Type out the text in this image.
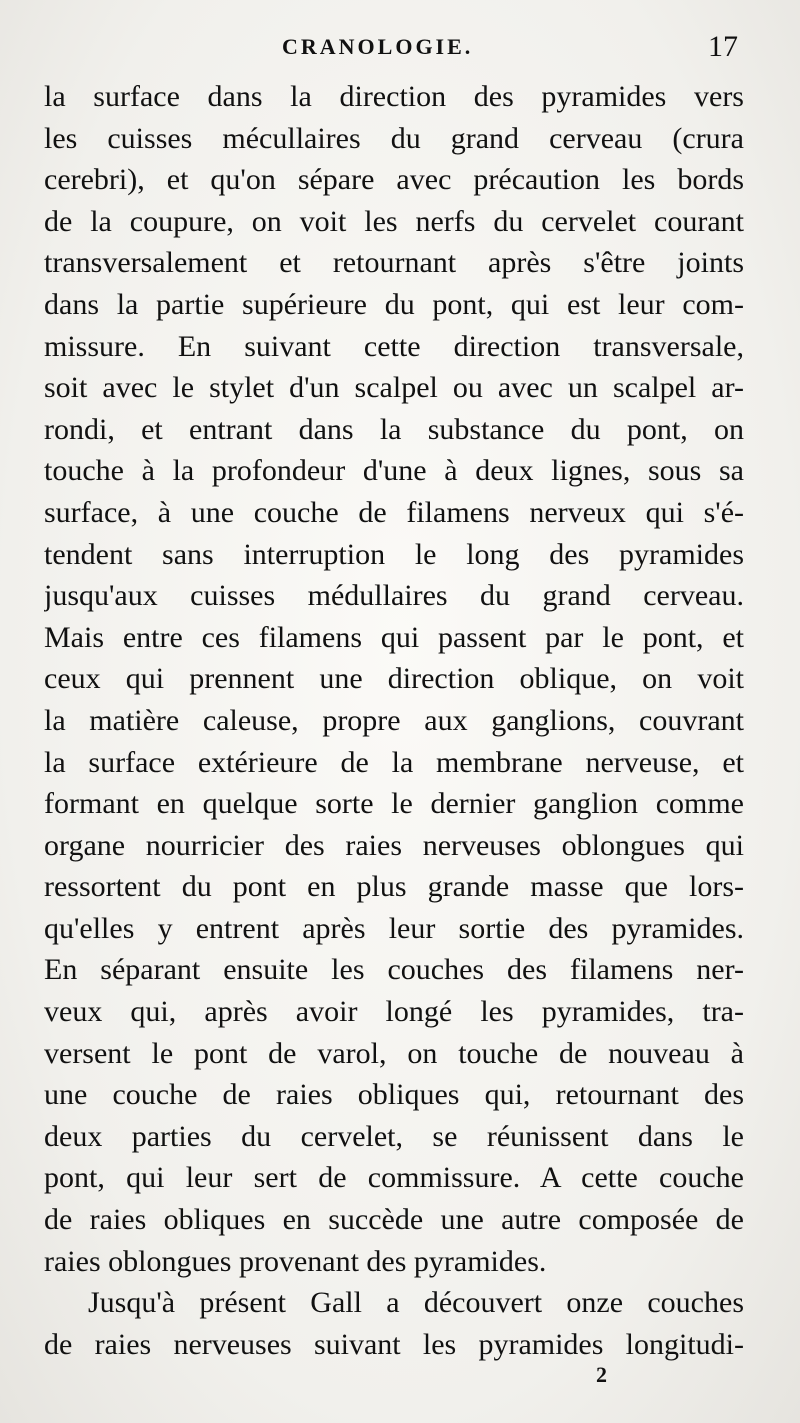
CRANOLOGIE.	17
la surface dans la direction des pyramides vers
les cuisses mécullaires du grand cerveau (crura
cerebri), et qu'on sépare avec précaution les bords
de la coupure, on voit les nerfs du cervelet courant
transversalement et retournant après s'être joints
dans la partie supérieure du pont, qui est leur com-
missure. En suivant cette direction transversale,
soit avec le stylet d'un scalpel ou avec un scalpel ar-
rondi, et entrant dans la substance du pont, on
touche à la profondeur d'une à deux lignes, sous sa
surface, à une couche de filamens nerveux qui s'é-
tendent sans interruption le long des pyramides
jusqu'aux cuisses médullaires du grand cerveau.
Mais entre ces filamens qui passent par le pont, et
ceux qui prennent une direction oblique, on voit
la matière caleuse, propre aux ganglions, couvrant
la surface extérieure de la membrane nerveuse, et
formant en quelque sorte le dernier ganglion comme
organe nourricier des raies nerveuses oblongues qui
ressortent du pont en plus grande masse que lors-
qu'elles y entrent après leur sortie des pyramides.
En séparant ensuite les couches des filamens ner-
veux qui, après avoir longé les pyramides, tra-
versent le pont de varol, on touche de nouveau à
une couche de raies obliques qui, retournant des
deux parties du cervelet, se réunissent dans le
pont, qui leur sert de commissure. A cette couche
de raies obliques en succède une autre composée de
raies oblongues provenant des pyramides.
Jusqu'à présent Gall a découvert onze couches
de raies nerveuses suivant les pyramides longitudi-
2
